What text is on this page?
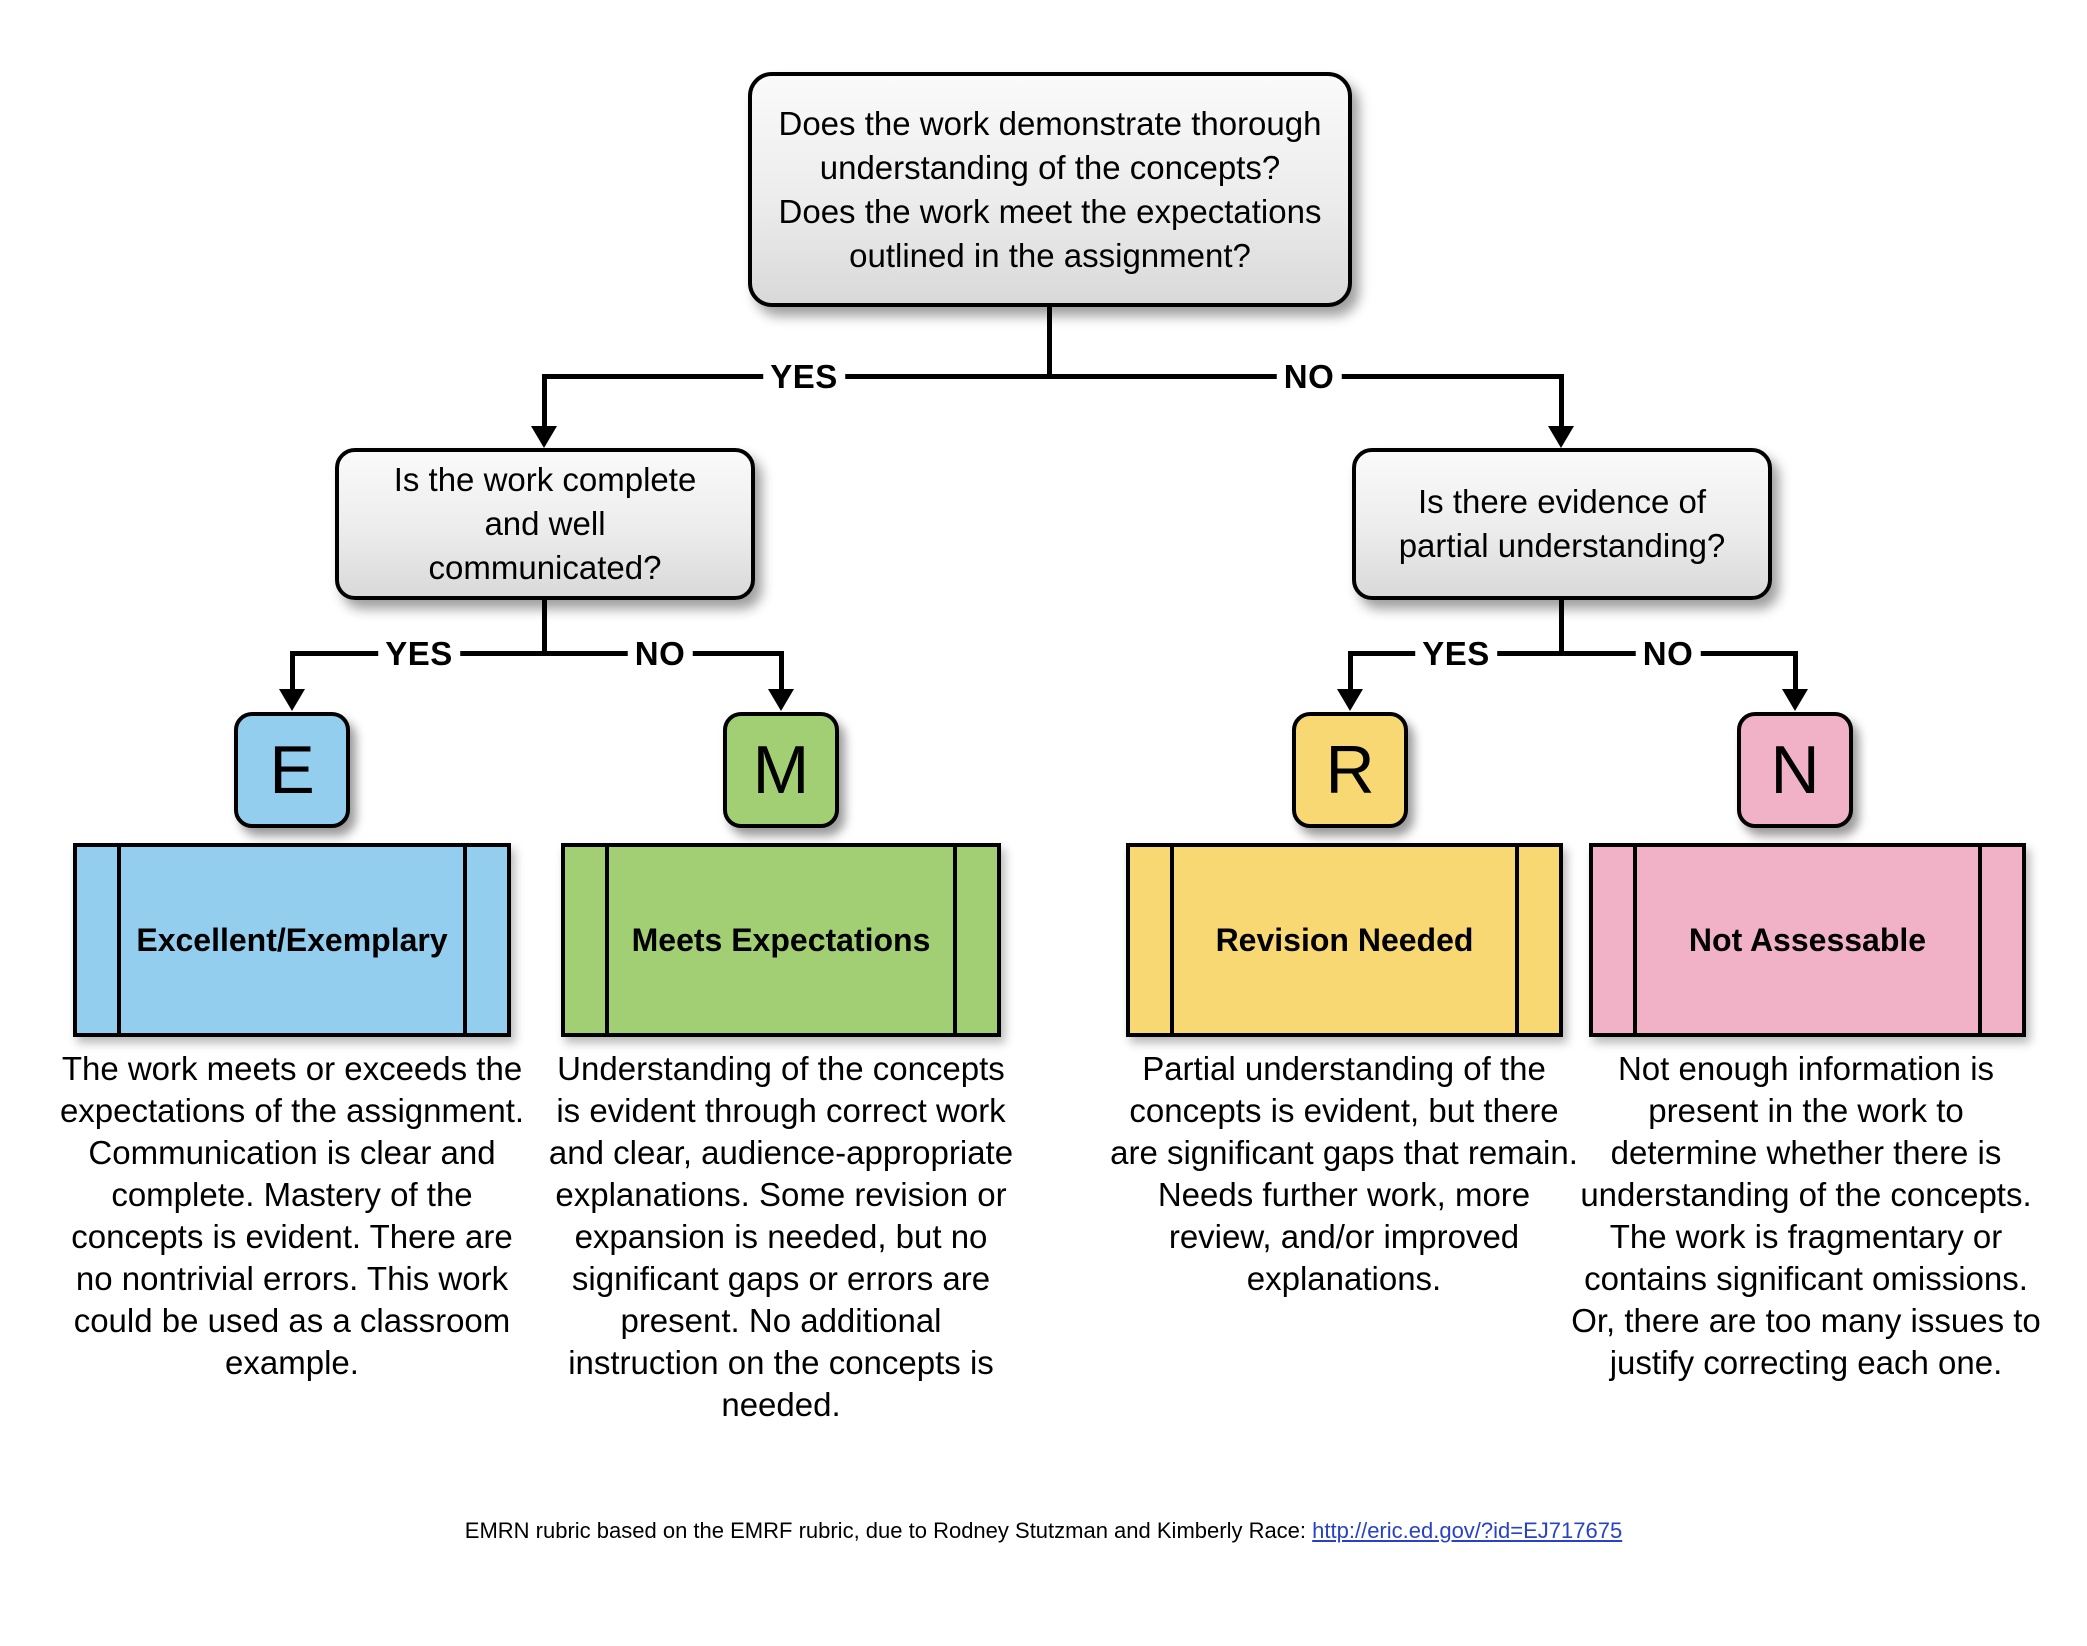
Does the work demonstrate thorough understanding of the concepts? Does the work meet the expectations outlined in the assignment?
YES	NO
Is the work complete and well communicated?
Is there evidence of partial understanding?
YES	NO	YES	NO
E	M	R	N
Excellent/Exemplary	Meets Expectations	Revision Needed	Not Assessable
The work meets or exceeds the expectations of the assignment. Communication is clear and complete. Mastery of the concepts is evident. There are no nontrivial errors. This work could be used as a classroom example.
Understanding of the concepts is evident through correct work and clear, audience-appropriate explanations. Some revision or expansion is needed, but no significant gaps or errors are present. No additional instruction on the concepts is needed.
Partial understanding of the concepts is evident, but there are significant gaps that remain. Needs further work, more review, and/or improved explanations.
Not enough information is present in the work to determine whether there is understanding of the concepts. The work is fragmentary or contains significant omissions. Or, there are too many issues to justify correcting each one.
EMRN rubric based on the EMRF rubric, due to Rodney Stutzman and Kimberly Race: http://eric.ed.gov/?id=EJ717675
